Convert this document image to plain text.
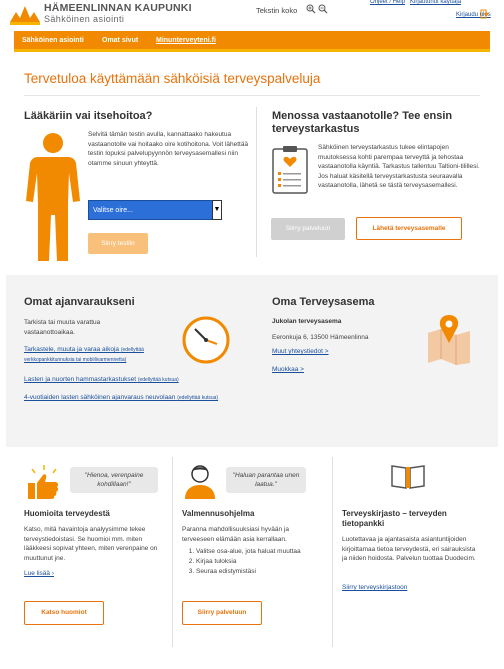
HÄMEENLINNAN KAUPUNKI
Sähköinen asiointi
Tekstin koko
Ohjeet / Help Kirjautunut käyttäjä
Kirjaudu ulos
Sähköinen asiointi	Omat sivut	Minunterveyteni.fi
Tervetuloa käyttämään sähköisiä terveyspalveluja
Lääkäriin vai itsehoitoa?
Selvitä tämän testin avulla, kannattaako hakeutua vastaanotolle vai hoitaako oire kotihoitona. Voit lähettää testin lopuksi palvelupyynnön terveysasemallesi niin otamme sinuun yhteyttä.
Valitse oire...	▼
Siirry testiin
Menossa vastaanotolle? Tee ensin terveystarkastus
Sähköinen terveystarkastus tukee elintapojen muutoksessa kohti parempaa terveyttä ja tehostaa vastaanotolla käyntiä. Tarkastus tallentuu Taltioni-tilillesi. Jos haluat käsitellä terveystarkastusta seuraavalla vastaanotolla, lähetä se tästä terveysasemallesi.
Siirry palveluun	Lähetä terveysasemalle
Omat ajanvaraukseni
Tarkista tai muuta varattua vastaanottoaikaa.
Tarkastele, muuta ja varaa aikoja (edellyttää verkkopankkitunnuksia tai mobiilivarmennetta)
Lasten ja nuorten hammastarkastukset (edellyttää kutsua)
4-vuotiaiden lasten sähköinen ajanvaraus neuvolaan (edellyttää kutsua)
Oma Terveysasema
Jukolan terveysasema
Eeronkuja 6, 13500 Hämeenlinna
Muut yhteystiedot >
Muokkaa >
"Hienoa, verenpaine kohdillaan!"
Huomioita terveydestä
Katso, mitä havaintoja analyysimme tekee terveystiedoistasi. Se huomioi mm. miten lääkkeesi sopivat yhteen, miten verenpaine on muuttunut jne.
Lue lisää ›
Katso huomiot
"Haluan parantaa unen laatua."
Valmennusohjelma
Paranna mahdollisuuksiasi hyvään ja terveeseen elämään asia kerrallaan.
1. Valitse osa-alue, jota haluat muuttaa
2. Kirjaa tuloksia
3. Seuraa edistymistäsi
Siirry palveluun
Terveyskirjasto – terveyden tietopankki
Luotettavaa ja ajantasaista asiantuntijoiden kirjoittamaa tietoa terveydestä, eri sairauksista ja niiden hoidosta. Palvelun tuottaa Duodecim.
Siirry terveyskirjastoon
